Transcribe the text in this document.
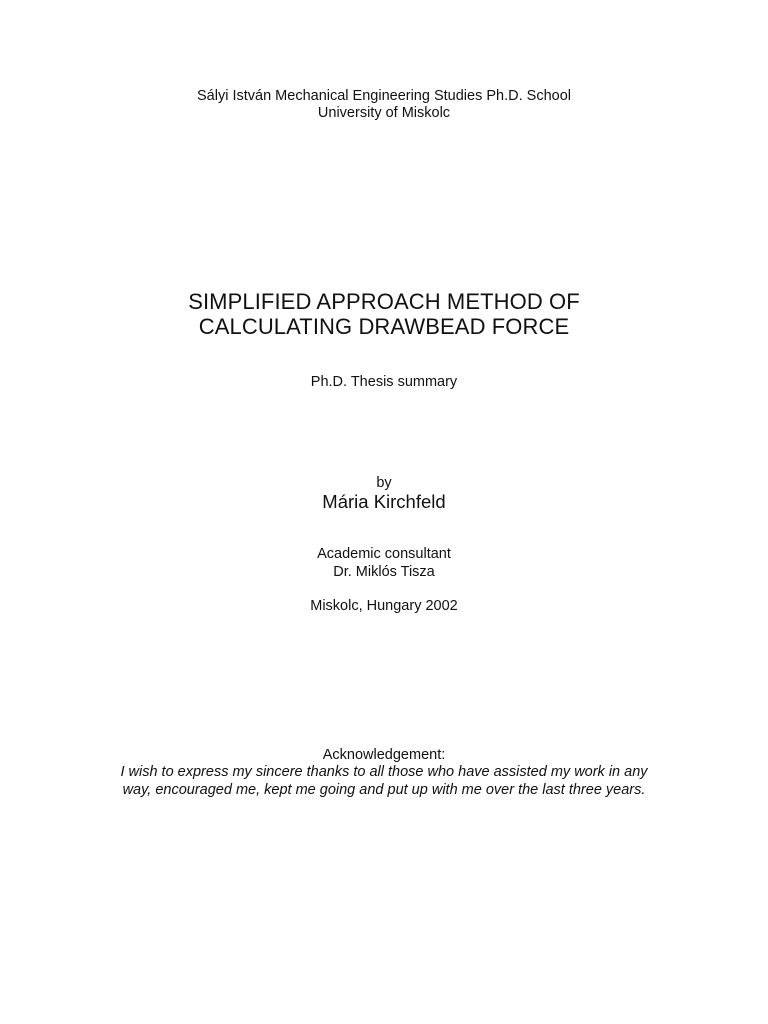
Sályi István Mechanical Engineering Studies Ph.D. School
University of Miskolc
SIMPLIFIED APPROACH METHOD OF
CALCULATING DRAWBEAD FORCE
Ph.D. Thesis summary
by
Mária Kirchfeld
Academic consultant
Dr. Miklós Tisza
Miskolc, Hungary 2002
Acknowledgement:
I wish to express my sincere thanks to all those who have assisted my work in any way, encouraged me, kept me going and put up with me over the last three years.
